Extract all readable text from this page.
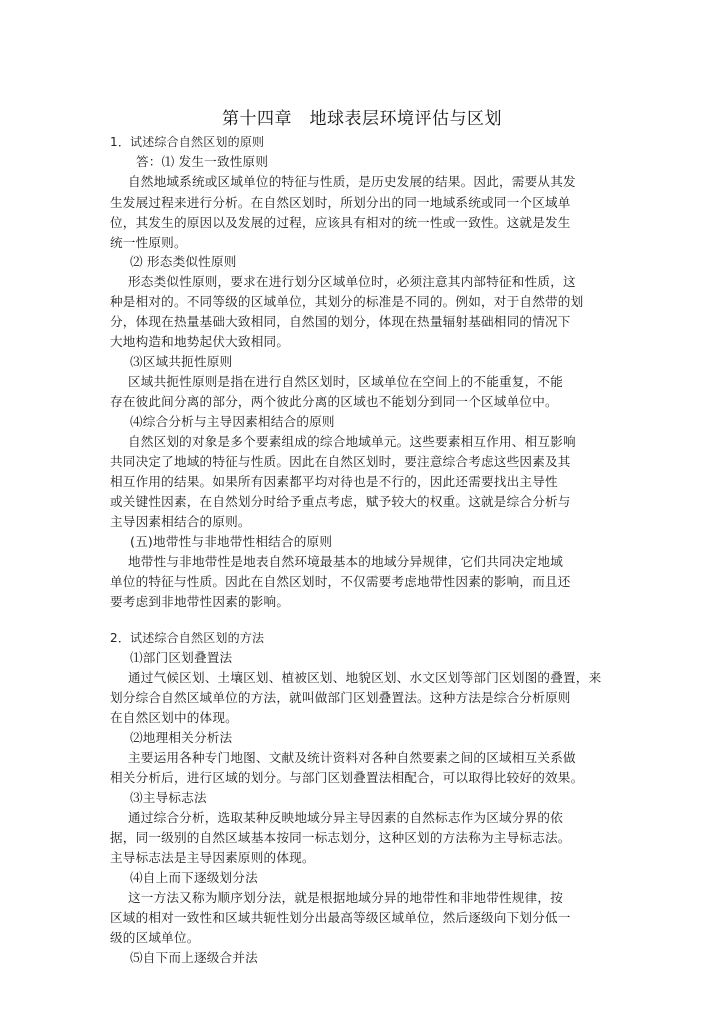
第十四章　地球表层环境评估与区划
1．试述综合自然区划的原则
答：⑴ 发生一致性原则
自然地域系统或区域单位的特征与性质，是历史发展的结果。因此，需要从其发
生发展过程来进行分析。在自然区划时，所划分出的同一地域系统或同一个区域单
位，其发生的原因以及发展的过程，应该具有相对的统一性或一致性。这就是发生
统一性原则。
⑵ 形态类似性原则
形态类似性原则，要求在进行划分区域单位时，必须注意其内部特征和性质，这
种是相对的。不同等级的区域单位，其划分的标准是不同的。例如，对于自然带的划
分，体现在热量基础大致相同，自然国的划分，体现在热量辐射基础相同的情况下
大地构造和地势起伏大致相同。
⑶区域共扼性原则
区域共扼性原则是指在进行自然区划时，区域单位在空间上的不能重复，不能
存在彼此间分离的部分，两个彼此分离的区域也不能划分到同一个区域单位中。
⑷综合分析与主导因素相结合的原则
自然区划的对象是多个要素组成的综合地域单元。这些要素相互作用、相互影响
共同决定了地域的特征与性质。因此在自然区划时，要注意综合考虑这些因素及其
相互作用的结果。如果所有因素都平均对待也是不行的，因此还需要找出主导性
或关键性因素，在自然划分时给予重点考虑，赋予较大的权重。这就是综合分析与
主导因素相结合的原则。
(五)地带性与非地带性相结合的原则
地带性与非地带性是地表自然环境最基本的地域分异规律，它们共同决定地域
单位的特征与性质。因此在自然区划时，不仅需要考虑地带性因素的影响，而且还
要考虑到非地带性因素的影响。
2．试述综合自然区划的方法
⑴部门区划叠置法
通过气候区划、土壤区划、植被区划、地貌区划、水文区划等部门区划图的叠置，来
划分综合自然区域单位的方法，就叫做部门区划叠置法。这种方法是综合分析原则
在自然区划中的体现。
⑵地理相关分析法
主要运用各种专门地图、文献及统计资料对各种自然要素之间的区域相互关系做
相关分析后，进行区域的划分。与部门区划叠置法相配合，可以取得比较好的效果。
⑶主导标志法
通过综合分析，选取某种反映地域分异主导因素的自然标志作为区域分界的依
据，同一级别的自然区域基本按同一标志划分，这种区划的方法称为主导标志法。
主导标志法是主导因素原则的体现。
⑷自上而下逐级划分法
这一方法又称为顺序划分法，就是根据地域分异的地带性和非地带性规律，按
区域的相对一致性和区域共轭性划分出最高等级区域单位，然后逐级向下划分低一
级的区域单位。
⑸自下而上逐级合并法
